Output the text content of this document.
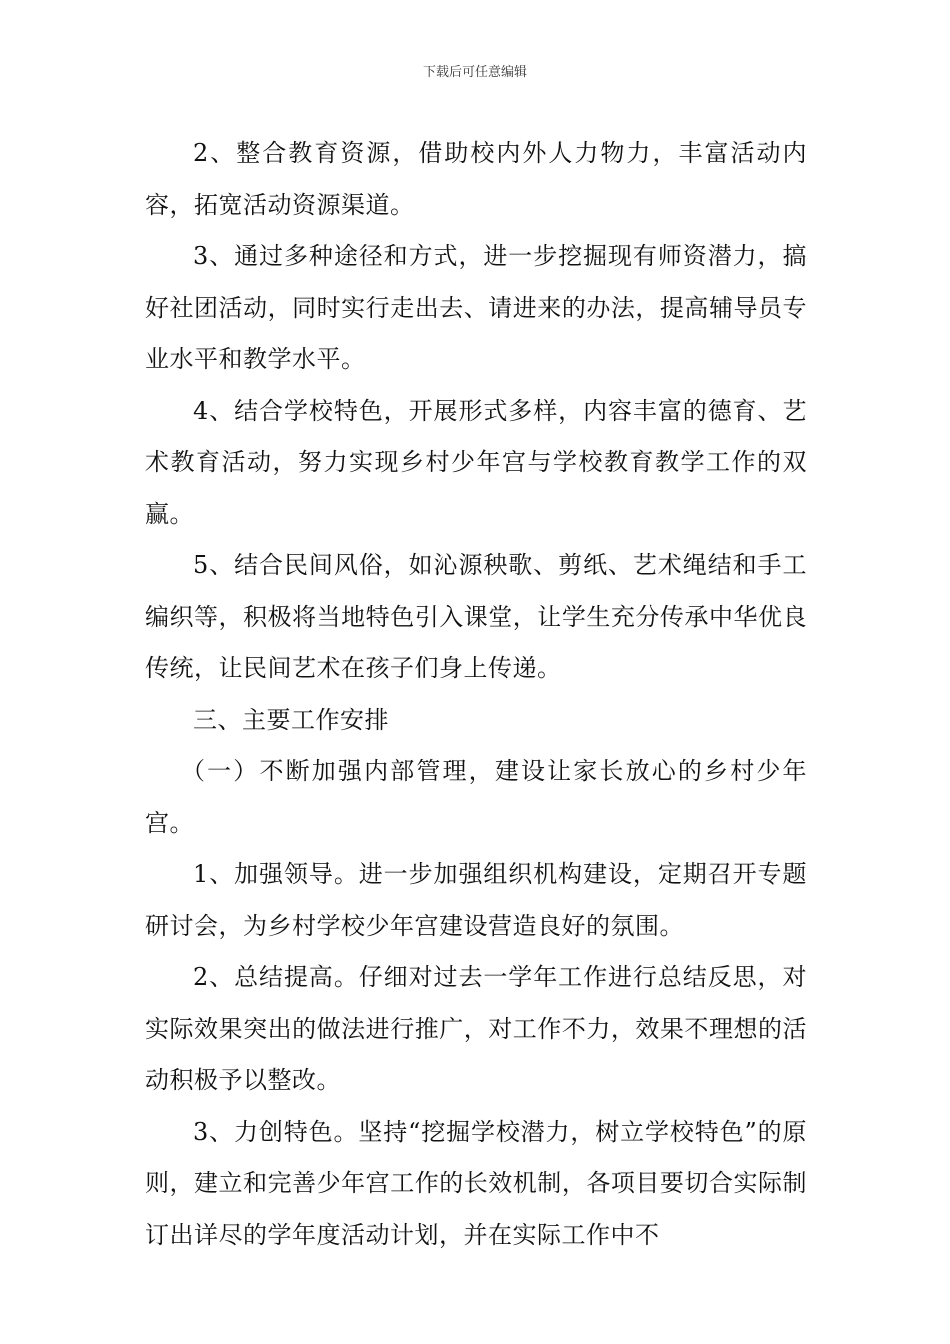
下载后可任意编辑

2、整合教育资源，借助校内外人力物力，丰富活动内容，拓宽活动资源渠道。

3、通过多种途径和方式，进一步挖掘现有师资潜力，搞好社团活动，同时实行走出去、请进来的办法，提高辅导员专业水平和教学水平。

4、结合学校特色，开展形式多样，内容丰富的德育、艺术教育活动，努力实现乡村少年宫与学校教育教学工作的双赢。

5、结合民间风俗，如沁源秧歌、剪纸、艺术绳结和手工编织等，积极将当地特色引入课堂，让学生充分传承中华优良传统，让民间艺术在孩子们身上传递。

三、主要工作安排

（一）不断加强内部管理，建设让家长放心的乡村少年宫。

1、加强领导。进一步加强组织机构建设，定期召开专题研讨会，为乡村学校少年宫建设营造良好的氛围。

2、总结提高。仔细对过去一学年工作进行总结反思，对实际效果突出的做法进行推广，对工作不力，效果不理想的活动积极予以整改。

3、力创特色。坚持“挖掘学校潜力，树立学校特色”的原则，建立和完善少年宫工作的长效机制，各项目要切合实际制订出详尽的学年度活动计划，并在实际工作中不
